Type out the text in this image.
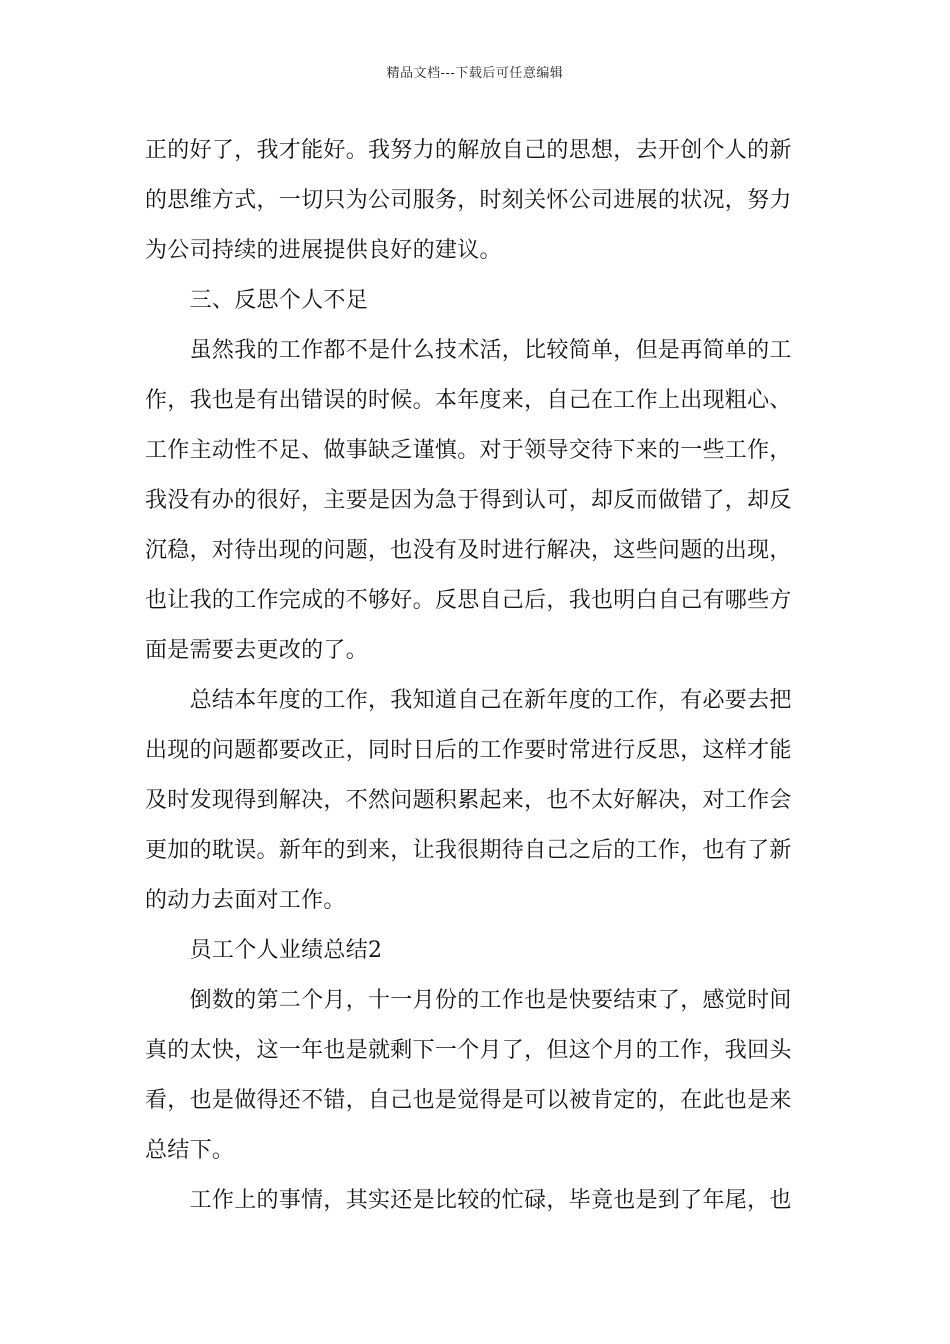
精品文档---下载后可任意编辑
正的好了，我才能好。我努力的解放自己的思想，去开创个人的新
的思维方式，一切只为公司服务，时刻关怀公司进展的状况，努力
为公司持续的进展提供良好的建议。
　　三、反思个人不足
　　虽然我的工作都不是什么技术活，比较简单，但是再简单的工
作，我也是有出错误的时候。本年度来，自己在工作上出现粗心、
工作主动性不足、做事缺乏谨慎。对于领导交待下来的一些工作，
我没有办的很好，主要是因为急于得到认可，却反而做错了，却反
沉稳，对待出现的问题，也没有及时进行解决，这些问题的出现，
也让我的工作完成的不够好。反思自己后，我也明白自己有哪些方
面是需要去更改的了。
　　总结本年度的工作，我知道自己在新年度的工作，有必要去把
出现的问题都要改正，同时日后的工作要时常进行反思，这样才能
及时发现得到解决，不然问题积累起来，也不太好解决，对工作会
更加的耽误。新年的到来，让我很期待自己之后的工作，也有了新
的动力去面对工作。
　　员工个人业绩总结2
　　倒数的第二个月，十一月份的工作也是快要结束了，感觉时间
真的太快，这一年也是就剩下一个月了，但这个月的工作，我回头
看，也是做得还不错，自己也是觉得是可以被肯定的，在此也是来
总结下。
　　工作上的事情，其实还是比较的忙碌，毕竟也是到了年尾，也
